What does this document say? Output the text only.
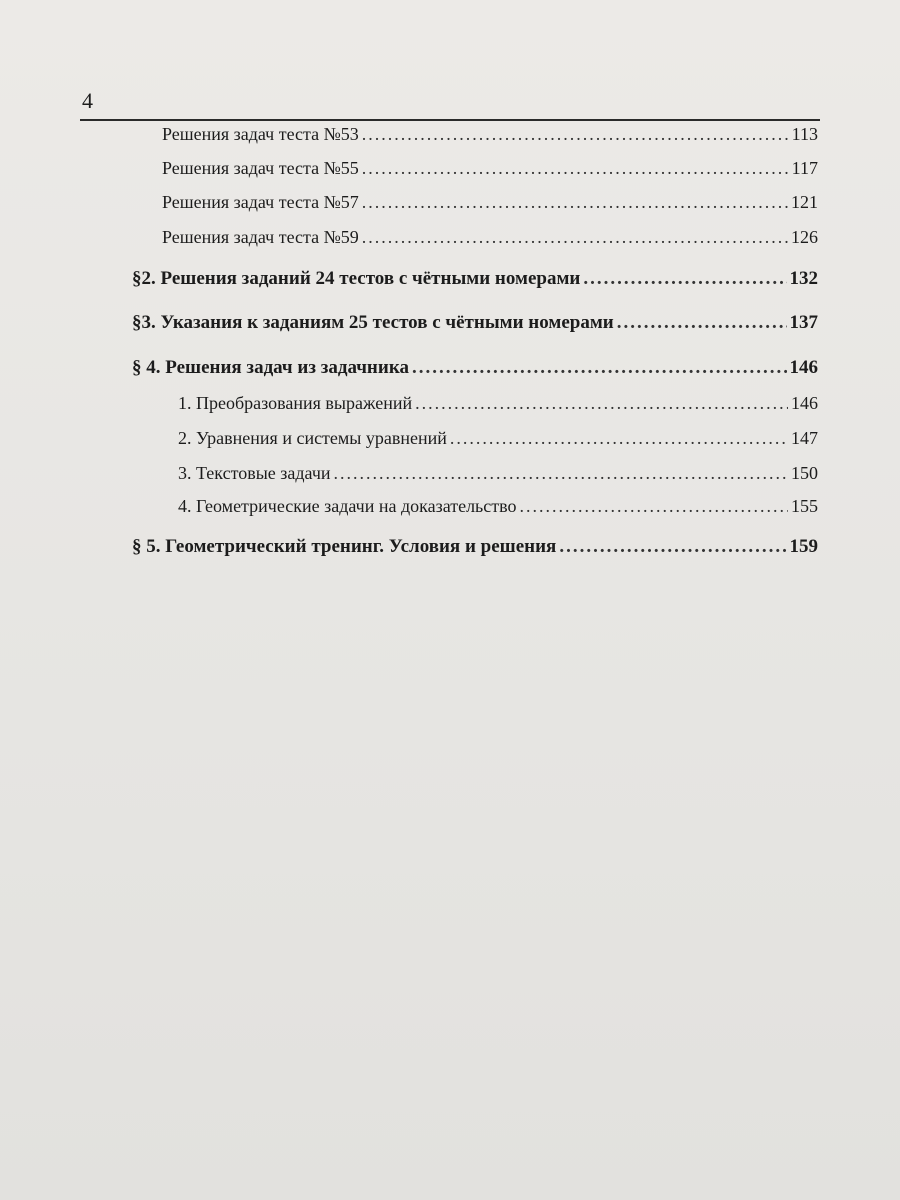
4
Решения задач теста №53 .....	113
Решения задач теста №55 .....	117
Решения задач теста №57 .....	121
Решения задач теста №59 .....	126
§2. Решения заданий 24 тестов с чётными номерами .....	132
§3. Указания к заданиям 25 тестов с чётными номерами .....	137
§ 4. Решения задач из задачника .....	146
1. Преобразования выражений .....	146
2. Уравнения и системы уравнений .....	147
3. Текстовые задачи .....	150
4. Геометрические задачи на доказательство .....	155
§ 5. Геометрический тренинг. Условия и решения .....	159
